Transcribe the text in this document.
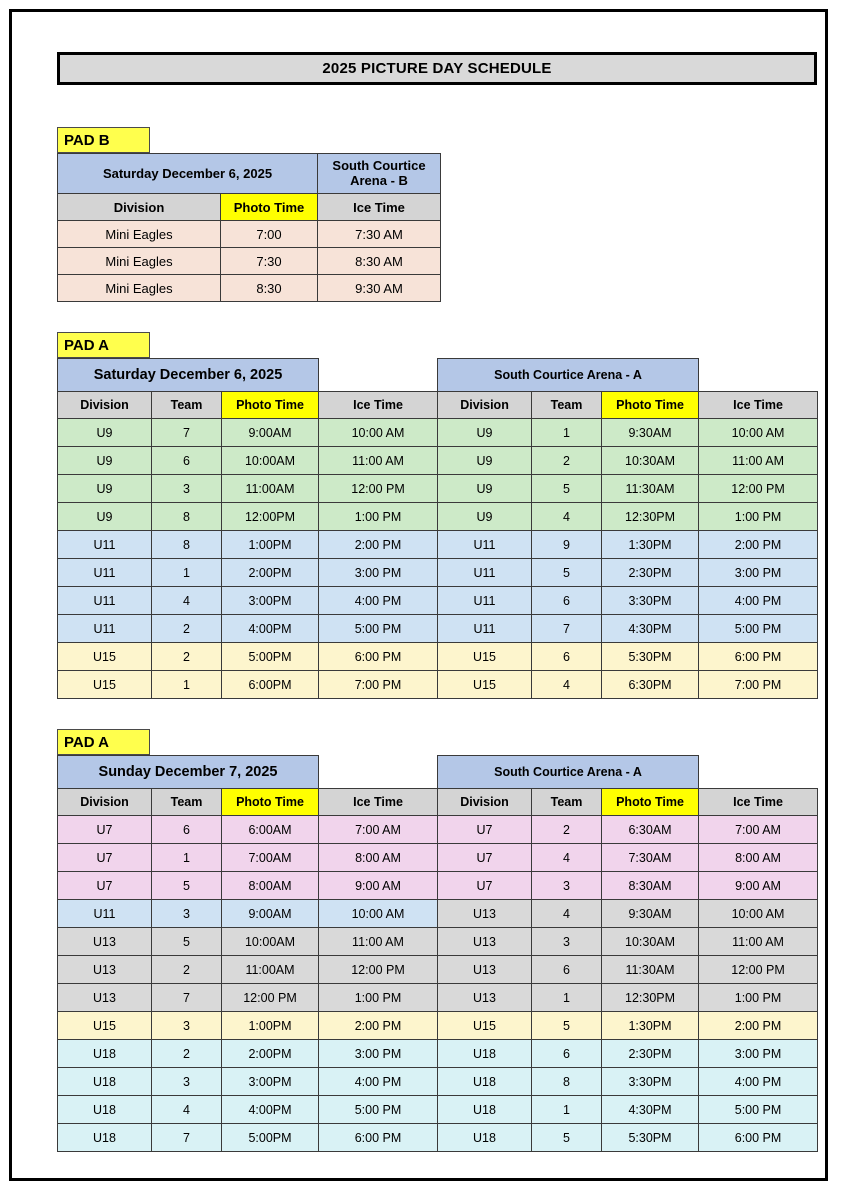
2025 PICTURE DAY SCHEDULE
PAD B
Saturday December 6, 2025		South Courtice
Arena - B

Division	Photo Time	Ice Time
Mini Eagles	7:00	7:30 AM
Mini Eagles	7:30	8:30 AM
Mini Eagles	8:30	9:30 AM
PAD A
Saturday December 6, 2025				South Courtice Arena - A			
Division	Team	Photo Time	Ice Time	Division	Team	Photo Time	Ice Time
U9	7	9:00AM	10:00 AM	U9	1	9:30AM	10:00 AM
U9	6	10:00AM	11:00 AM	U9	2	10:30AM	11:00 AM
U9	3	11:00AM	12:00 PM	U9	5	11:30AM	12:00 PM
U9	8	12:00PM	1:00 PM	U9	4	12:30PM	1:00 PM
U11	8	1:00PM	2:00 PM	U11	9	1:30PM	2:00 PM
U11	1	2:00PM	3:00 PM	U11	5	2:30PM	3:00 PM
U11	4	3:00PM	4:00 PM	U11	6	3:30PM	4:00 PM
U11	2	4:00PM	5:00 PM	U11	7	4:30PM	5:00 PM
U15	2	5:00PM	6:00 PM	U15	6	5:30PM	6:00 PM
U15	1	6:00PM	7:00 PM	U15	4	6:30PM	7:00 PM
PAD A
Sunday December 7, 2025				South Courtice Arena - A			
Division	Team	Photo Time	Ice Time	Division	Team	Photo Time	Ice Time
U7	6	6:00AM	7:00 AM	U7	2	6:30AM	7:00 AM
U7	1	7:00AM	8:00 AM	U7	4	7:30AM	8:00 AM
U7	5	8:00AM	9:00 AM	U7	3	8:30AM	9:00 AM
U11	3	9:00AM	10:00 AM	U13	4	9:30AM	10:00 AM
U13	5	10:00AM	11:00 AM	U13	3	10:30AM	11:00 AM
U13	2	11:00AM	12:00 PM	U13	6	11:30AM	12:00 PM
U13	7	12:00 PM	1:00 PM	U13	1	12:30PM	1:00 PM
U15	3	1:00PM	2:00 PM	U15	5	1:30PM	2:00 PM
U18	2	2:00PM	3:00 PM	U18	6	2:30PM	3:00 PM
U18	3	3:00PM	4:00 PM	U18	8	3:30PM	4:00 PM
U18	4	4:00PM	5:00 PM	U18	1	4:30PM	5:00 PM
U18	7	5:00PM	6:00 PM	U18	5	5:30PM	6:00 PM
